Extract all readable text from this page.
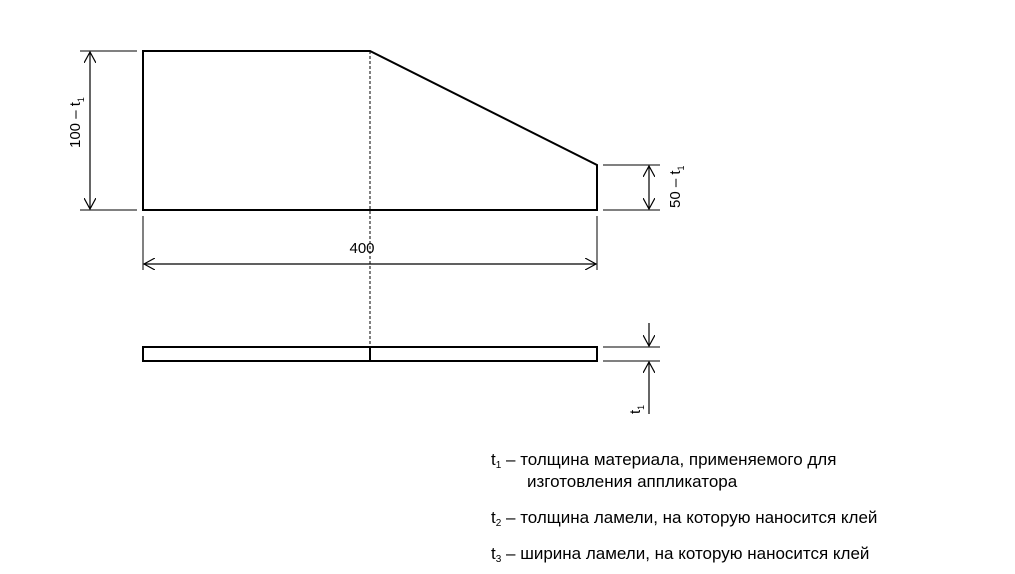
$100 - t_1$
$50 - t_1$
400
$t_1$
$t_1$ – толщина материала, применяемого для
изготовления аппликатора
$t_2$ – толщина ламели, на которую наносится клей
$t_3$ – ширина ламели, на которую наносится клей
